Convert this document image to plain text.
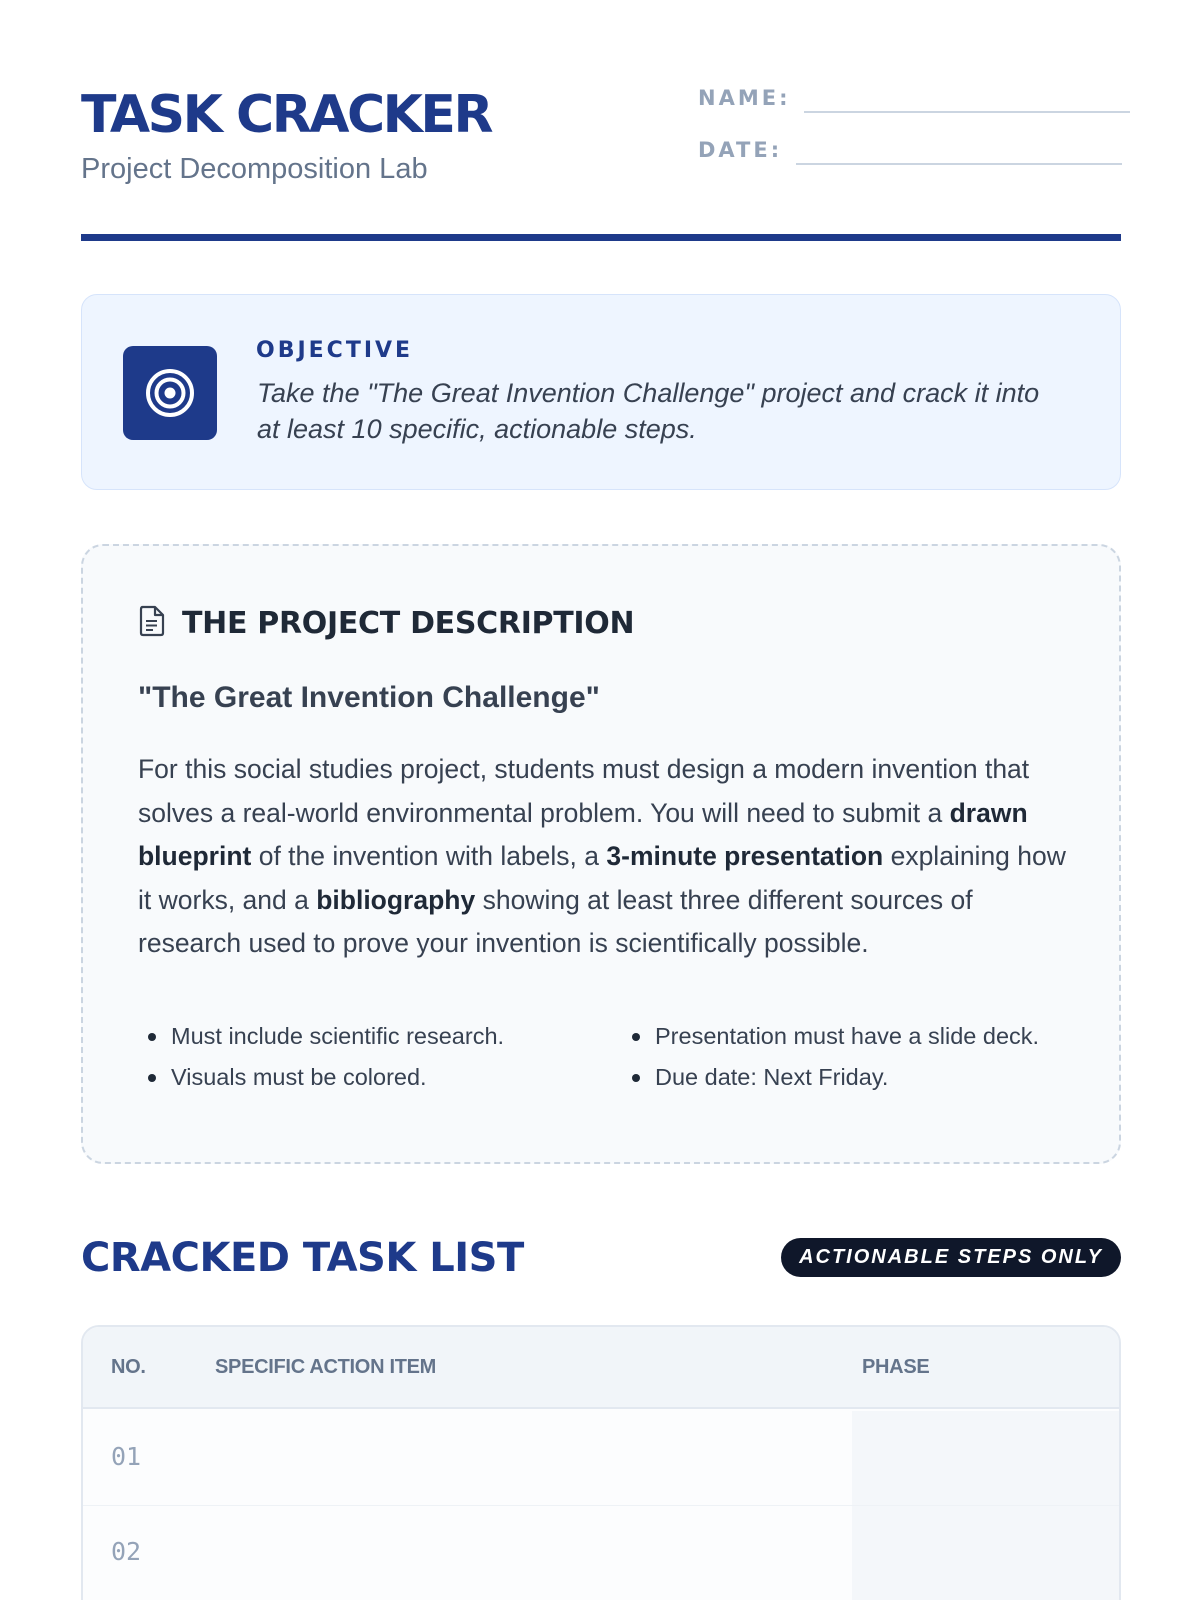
TASK CRACKER
Project Decomposition Lab
NAME:
DATE:
OBJECTIVE
Take the "The Great Invention Challenge" project and crack it into at least 10 specific, actionable steps.
THE PROJECT DESCRIPTION
"The Great Invention Challenge"
For this social studies project, students must design a modern invention that solves a real-world environmental problem. You will need to submit a drawn blueprint of the invention with labels, a 3-minute presentation explaining how it works, and a bibliography showing at least three different sources of research used to prove your invention is scientifically possible.
Must include scientific research.
Visuals must be colored.
Presentation must have a slide deck.
Due date: Next Friday.
CRACKED TASK LIST	ACTIONABLE STEPS ONLY
NO.	SPECIFIC ACTION ITEM	PHASE
01
02
